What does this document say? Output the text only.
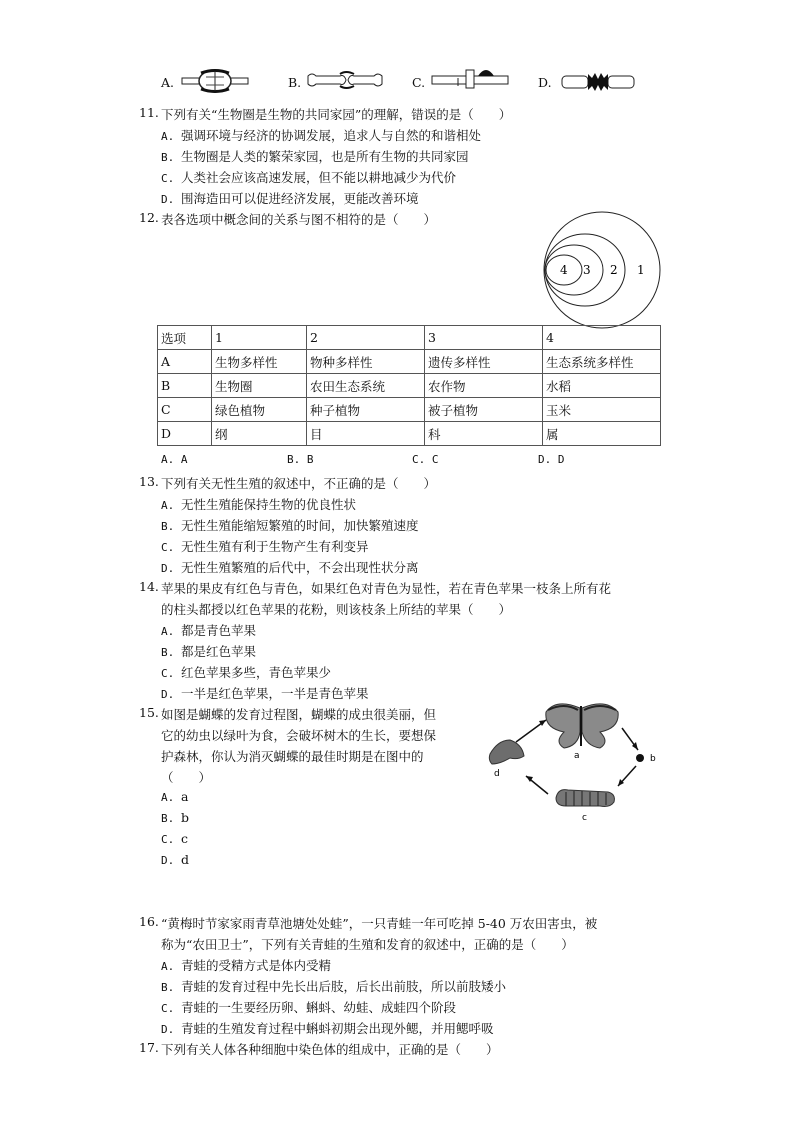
A.	B.	C.	D.
11. 下列有关“生物圈是生物的共同家园”的理解，错误的是（　　）
A. 强调环境与经济的协调发展，追求人与自然的和谐相处
B. 生物圈是人类的繁荣家园，也是所有生物的共同家园
C. 人类社会应该高速发展，但不能以耕地减少为代价
D. 围海造田可以促进经济发展，更能改善环境
12. 表各选项中概念间的关系与图不相符的是（　　）
4 3 2 1
选项	1	2	3	4
A	生物多样性	物种多样性	遗传多样性	生态系统多样性
B	生物圈	农田生态系统	农作物	水稻
C	绿色植物	种子植物	被子植物	玉米
D	纲	目	科	属
A. A	B. B	C. C	D. D
13. 下列有关无性生殖的叙述中，不正确的是（　　）
A. 无性生殖能保持生物的优良性状
B. 无性生殖能缩短繁殖的时间，加快繁殖速度
C. 无性生殖有利于生物产生有利变异
D. 无性生殖繁殖的后代中，不会出现性状分离
14. 苹果的果皮有红色与青色，如果红色对青色为显性，若在青色苹果一枝条上所有花
的柱头都授以红色苹果的花粉，则该枝条上所结的苹果（　　）
A. 都是青色苹果
B. 都是红色苹果
C. 红色苹果多些，青色苹果少
D. 一半是红色苹果，一半是青色苹果
15. 如图是蝴蝶的发育过程图，蝴蝶的成虫很美丽，但
它的幼虫以绿叶为食，会破坏树木的生长，要想保
护森林，你认为消灭蝴蝶的最佳时期是在图中的
（　　）
A. a
B. b
C. c
D. d
a	b
c
d
16. “黄梅时节家家雨青草池塘处处蛙”，一只青蛙一年可吃掉 5-40 万农田害虫，被
称为“农田卫士”，下列有关青蛙的生殖和发育的叙述中，正确的是（　　）
A. 青蛙的受精方式是体内受精
B. 青蛙的发育过程中先长出后肢，后长出前肢，所以前肢矮小
C. 青蛙的一生要经历卵、蝌蚪、幼蛙、成蛙四个阶段
D. 青蛙的生殖发育过程中蝌蚪初期会出现外鳃，并用鳃呼吸
17. 下列有关人体各种细胞中染色体的组成中，正确的是（　　）
